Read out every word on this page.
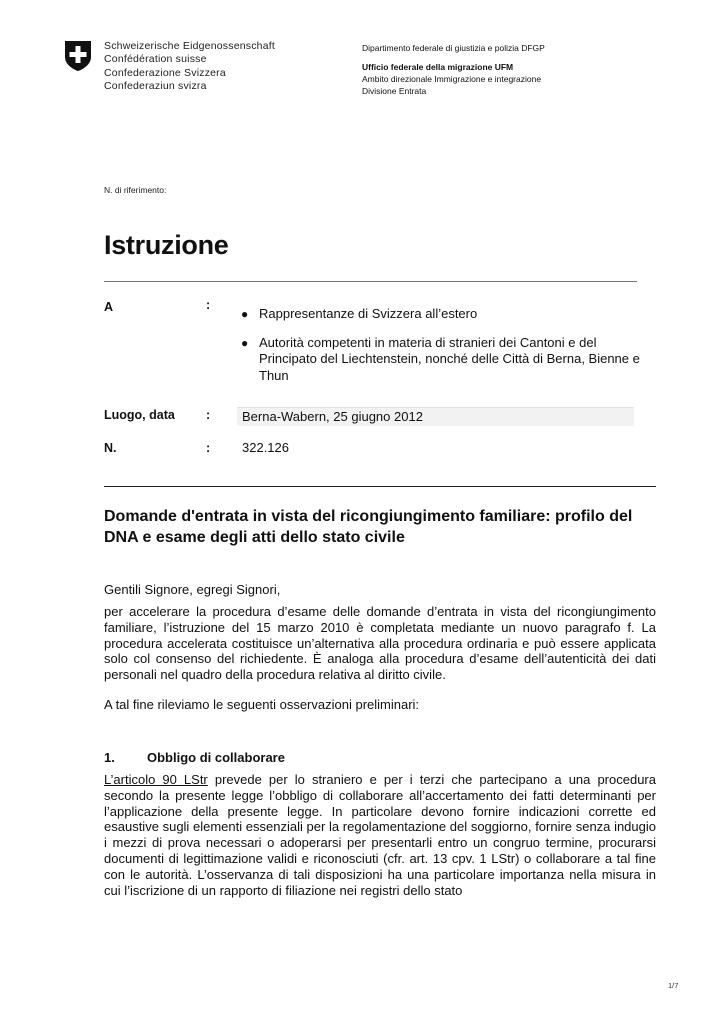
Schweizerische Eidgenossenschaft
Confédération suisse
Confederazione Svizzera
Confederaziun svizra
Dipartimento federale di giustizia e polizia DFGP
Ufficio federale della migrazione UFM
Ambito direzionale Immigrazione e integrazione
Divisione Entrata
N. di riferimento:
Istruzione
A	:
● Rappresentanze di Svizzera all’estero
● Autorità competenti in materia di stranieri dei Cantoni e del Principato del Liechtenstein, nonché delle Città di Berna, Bienne e Thun
Luogo, data : Berna-Wabern, 25 giugno 2012
N.	: 322.126
Domande d'entrata in vista del ricongiungimento familiare: profilo del DNA e esame degli atti dello stato civile
Gentili Signore, egregi Signori,
per accelerare la procedura d’esame delle domande d’entrata in vista del ricongiungimento familiare, l’istruzione del 15 marzo 2010 è completata mediante un nuovo paragrafo f. La procedura accelerata costituisce un’alternativa alla procedura ordinaria e può essere applicata solo col consenso del richiedente. È analoga alla procedura d’esame dell’autenticità dei dati personali nel quadro della procedura relativa al diritto civile.
A tal fine rileviamo le seguenti osservazioni preliminari:
1. Obbligo di collaborare
L’articolo 90 LStr prevede per lo straniero e per i terzi che partecipano a una procedura secondo la presente legge l’obbligo di collaborare all’accertamento dei fatti determinanti per l’applicazione della presente legge. In particolare devono fornire indicazioni corrette ed esaustive sugli elementi essenziali per la regolamentazione del soggiorno, fornire senza indugio i mezzi di prova necessari o adoperarsi per presentarli entro un congruo termine, procurarsi documenti di legittimazione validi e riconosciuti (cfr. art. 13 cpv. 1 LStr) o collaborare a tal fine con le autorità. L’osservanza di tali disposizioni ha una particolare importanza nella misura in cui l’iscrizione di un rapporto di filiazione nei registri dello stato
1/7
